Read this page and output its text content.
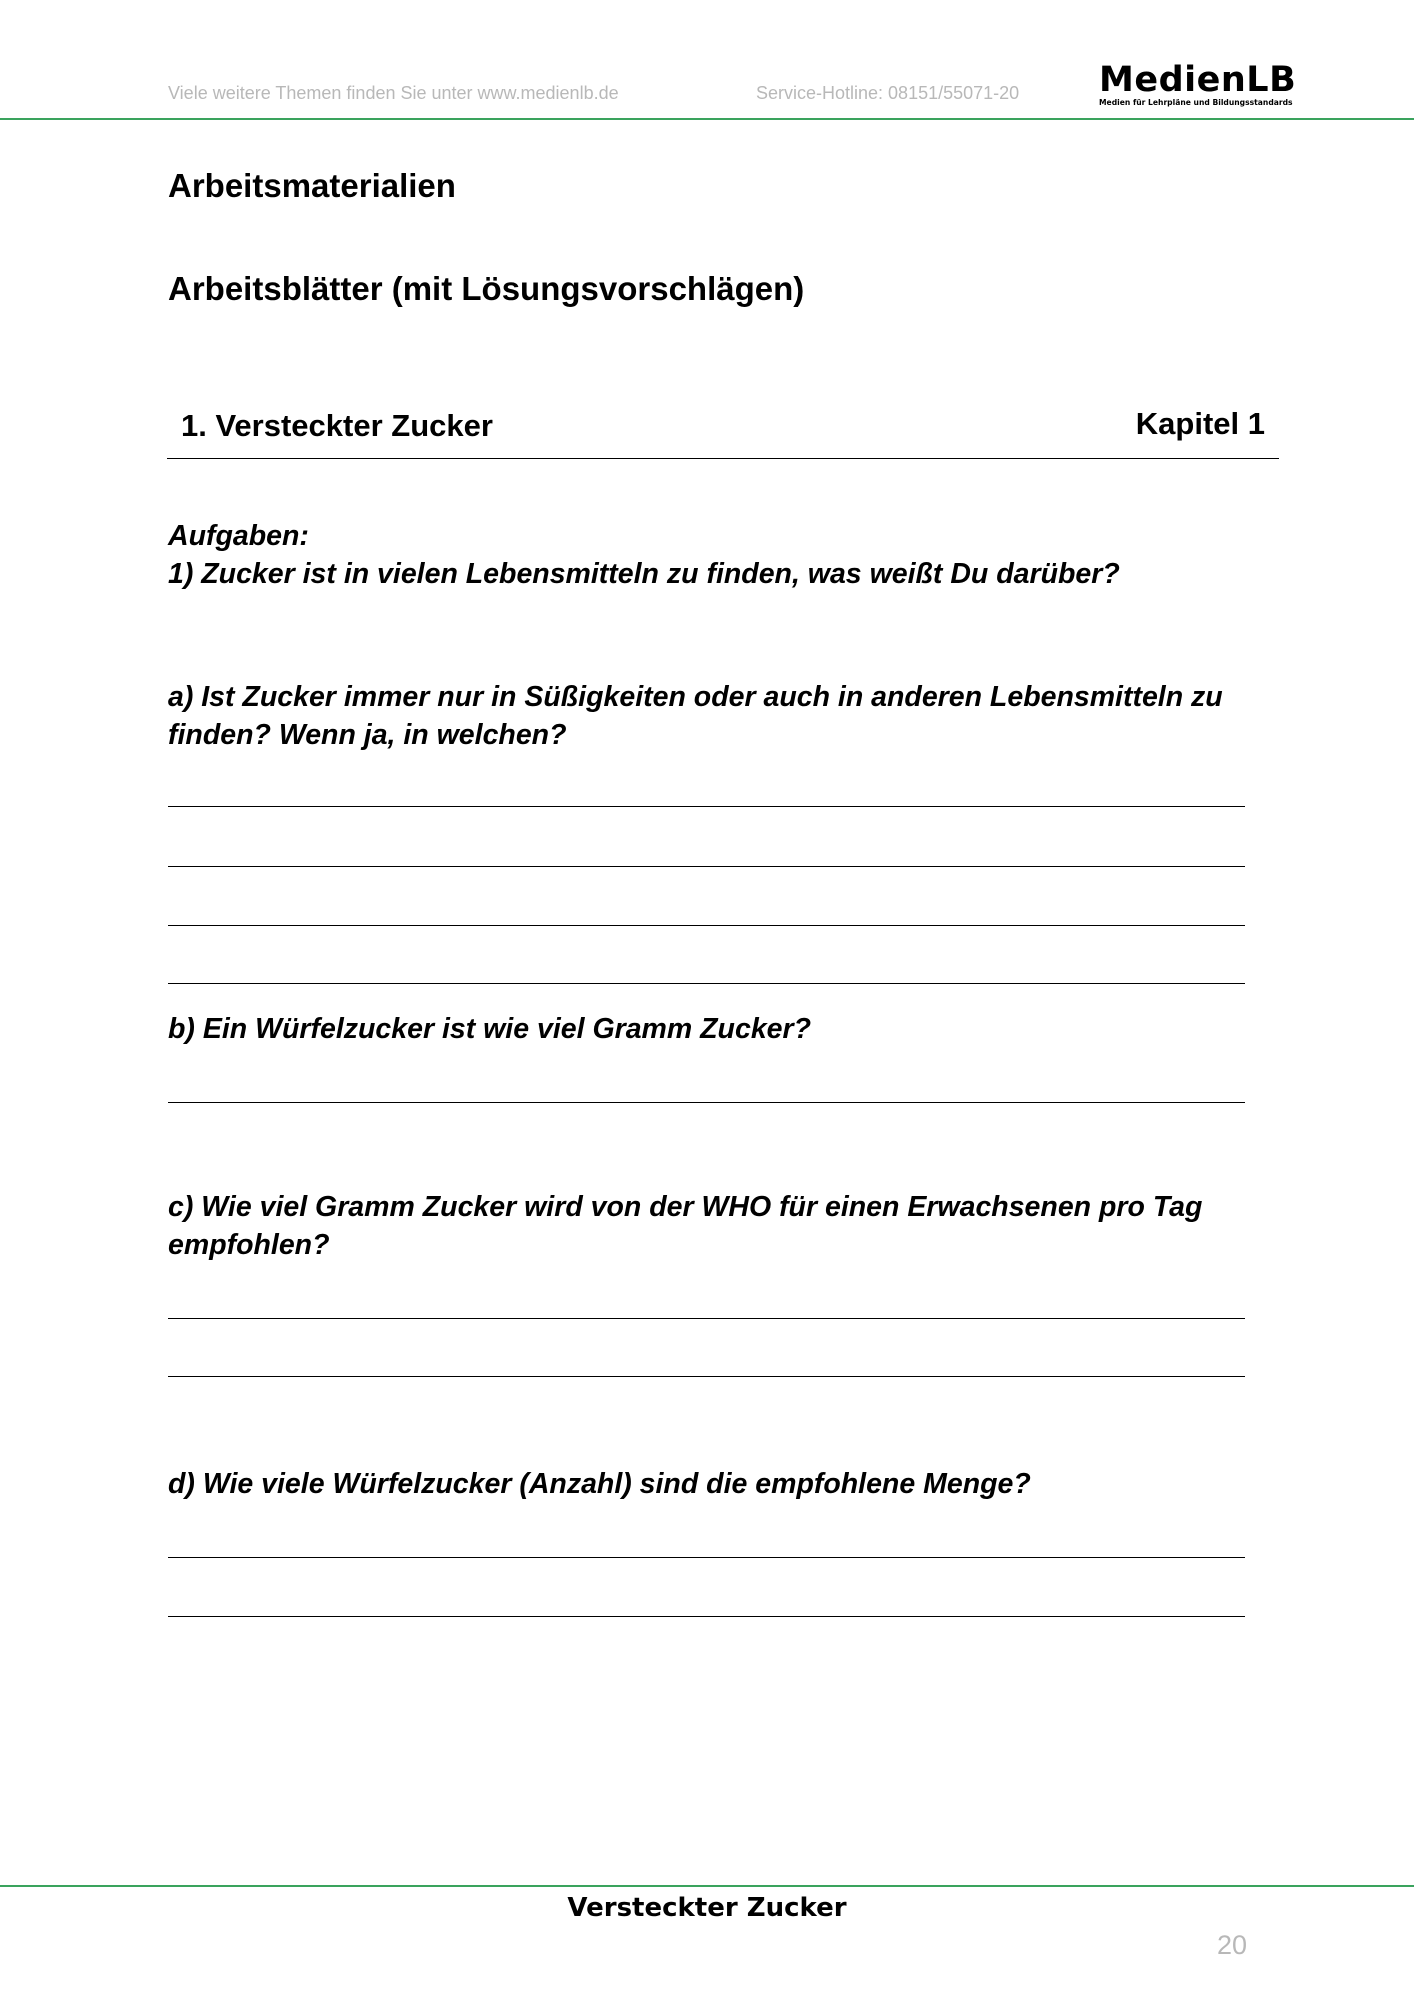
Viele weitere Themen finden Sie unter www.medienlb.de	Service-Hotline: 08151/55071-20 MedienLB
Medien für Lehrpläne und Bildungsstandards
Arbeitsmaterialien
Arbeitsblätter (mit Lösungsvorschlägen)
1. Versteckter Zucker	Kapitel 1
Aufgaben:
1) Zucker ist in vielen Lebensmitteln zu finden, was weißt Du darüber?
a) Ist Zucker immer nur in Süßigkeiten oder auch in anderen Lebensmitteln zu finden? Wenn ja, in welchen?
b) Ein Würfelzucker ist wie viel Gramm Zucker?
c) Wie viel Gramm Zucker wird von der WHO für einen Erwachsenen pro Tag empfohlen?
d) Wie viele Würfelzucker (Anzahl) sind die empfohlene Menge?
Versteckter Zucker
20
